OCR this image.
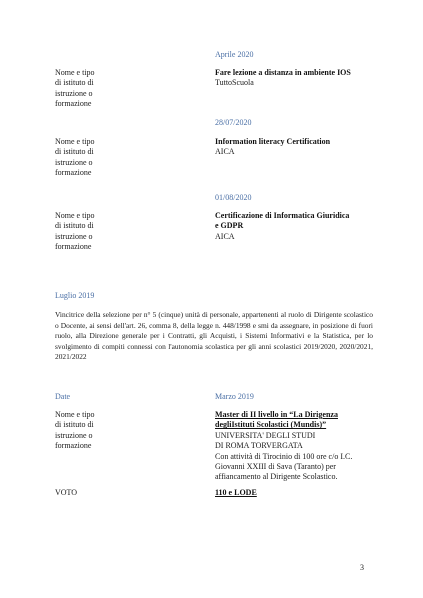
Aprile 2020
Nome e tipo
di istituto di
istruzione o
formazione
Fare lezione a distanza in ambiente IOS
TuttoScuola
28/07/2020
Nome e tipo
di istituto di
istruzione o
formazione
Information literacy Certification
AICA
01/08/2020
Nome e tipo
di istituto di
istruzione o
formazione
Certificazione di Informatica Giuridica
e GDPR
AICA
Luglio 2019
Vincitrice della selezione per n° 5 (cinque) unità di personale, appartenenti al ruolo di Dirigente scolastico o Docente, ai sensi dell'art. 26, comma 8, della legge n. 448/1998 e smi da assegnare, in posizione di fuori ruolo, alla Direzione generale per i Contratti, gli Acquisti, i Sistemi Informativi e la Statistica, per lo svolgimento di compiti connessi con l'autonomia scolastica per gli anni scolastici 2019/2020, 2020/2021, 2021/2022
Date	Marzo 2019
Nome e tipo
di istituto di
istruzione o
formazione
Master di II livello in “La Dirigenza
degliIstituti Scolastici (Mundis)”
UNIVERSITA' DEGLI STUDI
DI ROMA TORVERGATA
Con attività di Tirocinio di 100 ore c/o I.C.
Giovanni XXIII di Sava (Taranto) per
affiancamento al Dirigente Scolastico.
VOTO	110 e LODE
3
